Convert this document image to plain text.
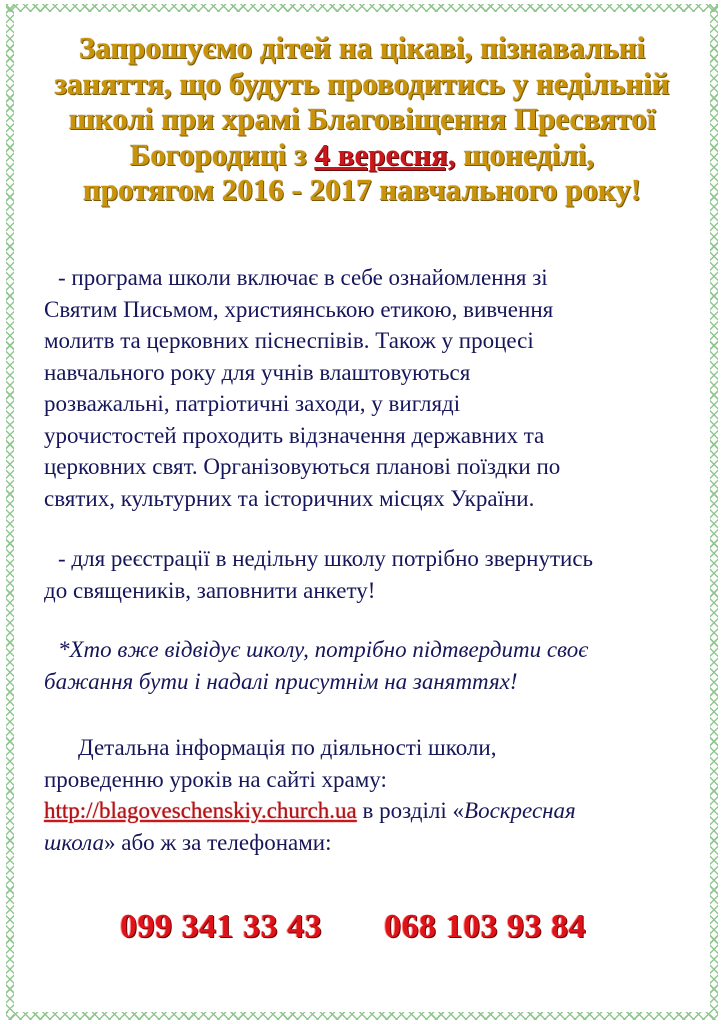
Запрошуємо дітей на цікаві, пізнавальні
заняття, що будуть проводитись у недільній
школі при храмі Благовіщення Пресвятої
Богородиці з 4 вересня, щонеділі,
протягом 2016 - 2017 навчального року!
- програма школи включає в себе ознайомлення зі
Святим Письмом, християнською етикою, вивчення
молитв та церковних піснеспівів. Також у процесі
навчального року для учнів влаштовуються
розважальні, патріотичні заходи, у вигляді
урочистостей проходить відзначення державних та
церковних свят. Організовуються планові поїздки по
святих, культурних та історичних місцях України.
- для реєстрації в недільну школу потрібно звернутись
до священиків, заповнити анкету!
*Хто вже відвідує школу, потрібно підтвердити своє
бажання бути і надалі присутнім на заняттях!
Детальна інформація по діяльності школи,
проведенню уроків на сайті храму:
http://blagoveschenskiy.church.ua в розділі «Воскресная
школа» або ж за телефонами:
099 341 33 43 068 103 93 84
